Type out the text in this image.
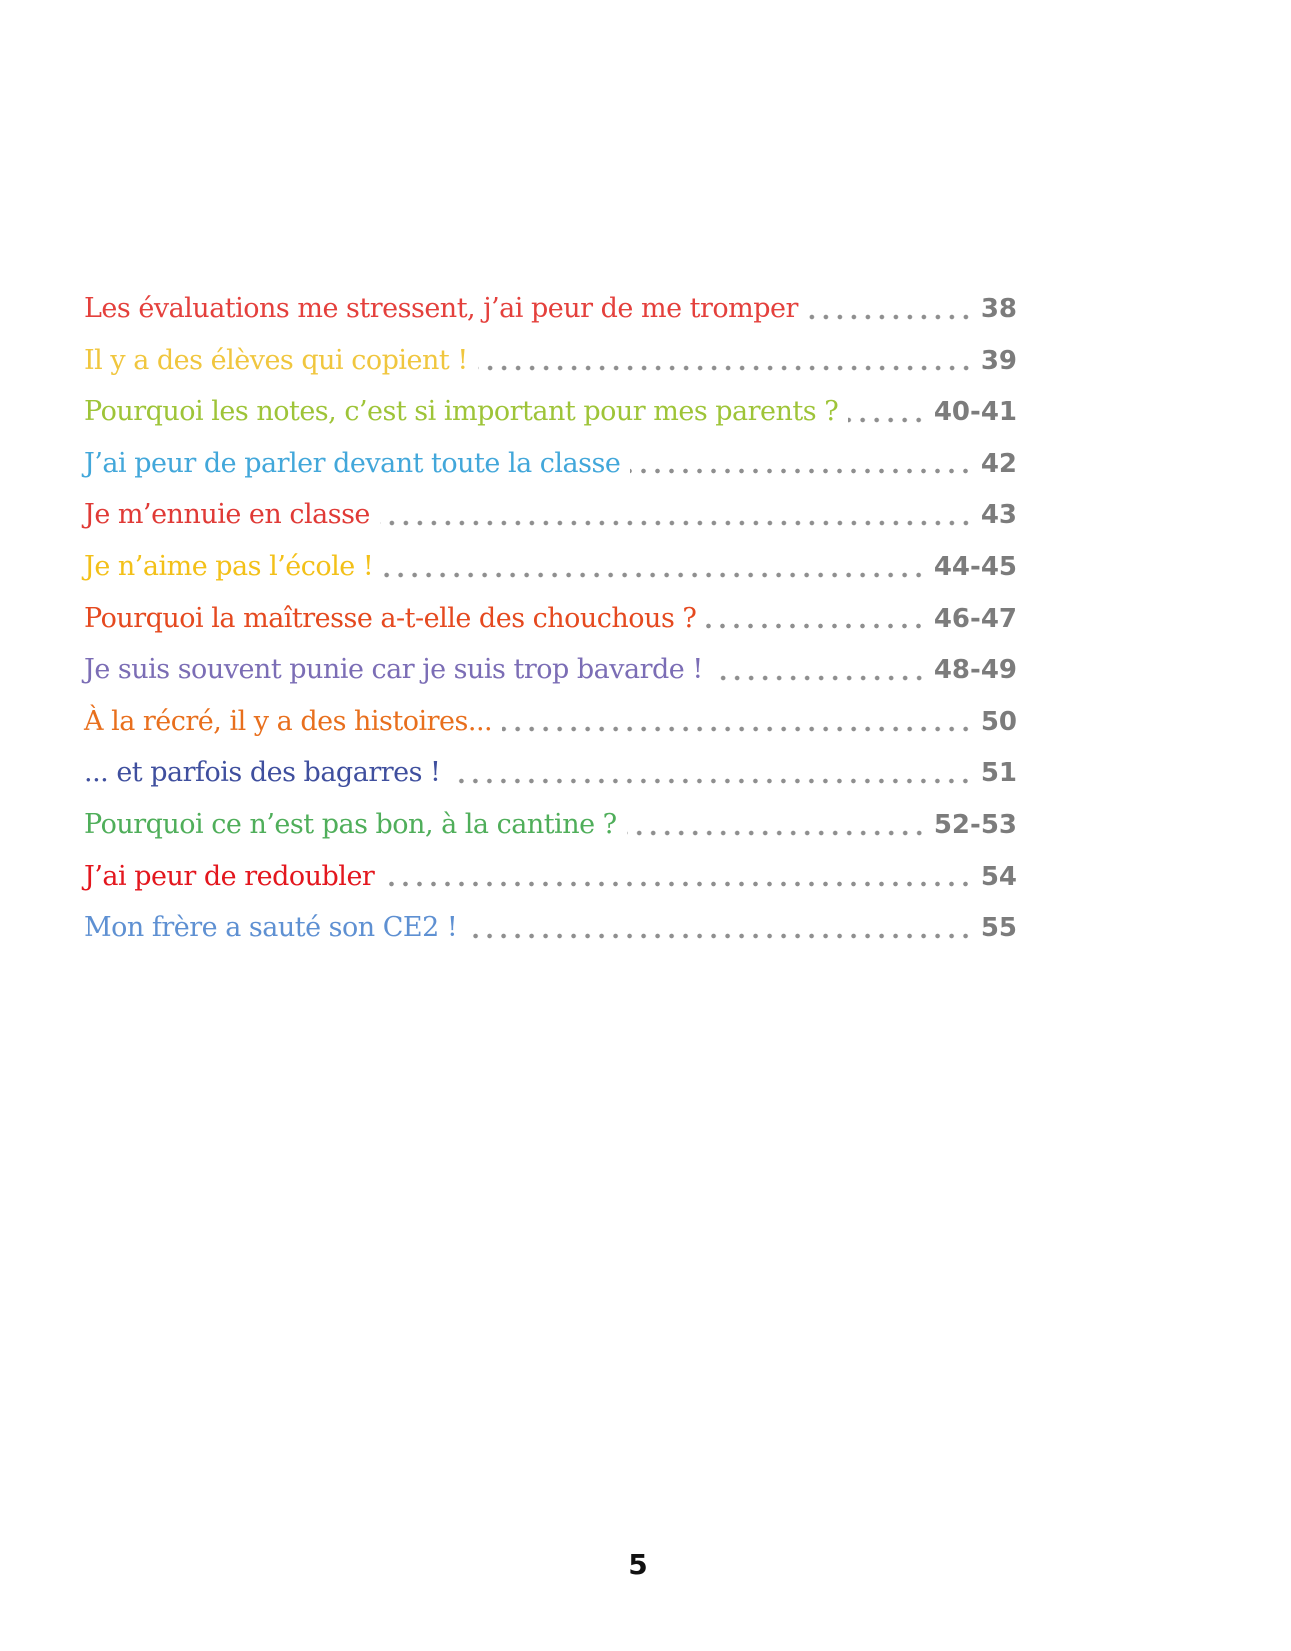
Les évaluations me stressent, j’ai peur de me tromper	38
Il y a des élèves qui copient !	39
Pourquoi les notes, c’est si important pour mes parents ?	40-41
J’ai peur de parler devant toute la classe	42
Je m’ennuie en classe	43
Je n’aime pas l’école !	44-45
Pourquoi la maîtresse a-t-elle des chouchous ?	46-47
Je suis souvent punie car je suis trop bavarde !	48-49
À la récré, il y a des histoires...	50
... et parfois des bagarres !	51
Pourquoi ce n’est pas bon, à la cantine ?	52-53
J’ai peur de redoubler	54
Mon frère a sauté son CE2 !	55
5
